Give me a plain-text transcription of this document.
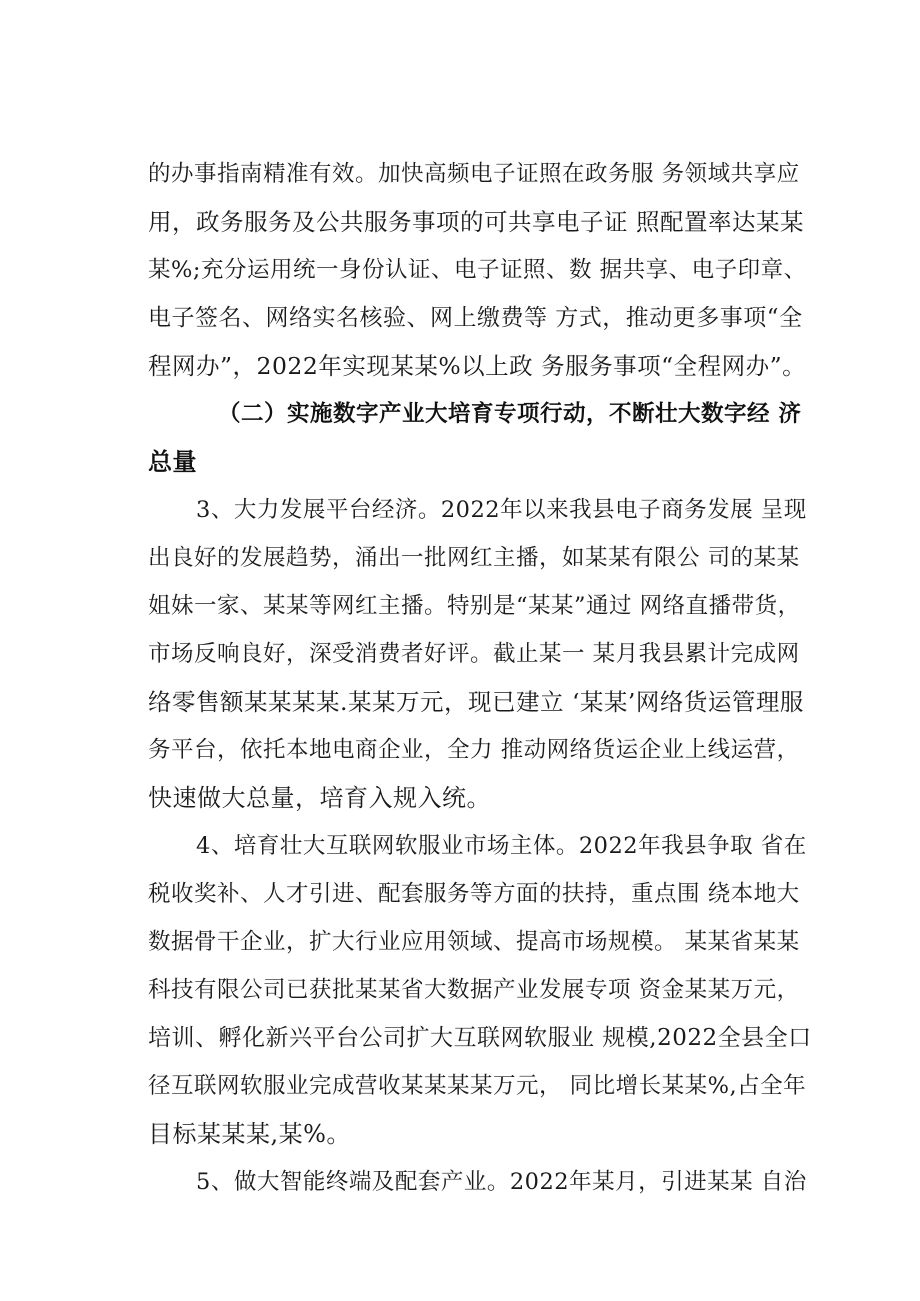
的办事指南精准有效。加快高频电子证照在政务服 务领域共享应
用，政务服务及公共服务事项的可共享电子证 照配置率达某某
某%;充分运用统一身份认证、电子证照、数 据共享、电子印章、
电子签名、网络实名核验、网上缴费等 方式，推动更多事项“全
程网办”，2022年实现某某%以上政 务服务事项“全程网办”。
（二）实施数字产业大培育专项行动，不断壮大数字经 济
总量
3、大力发展平台经济。2022年以来我县电子商务发展 呈现
出良好的发展趋势，涌出一批网红主播，如某某有限公 司的某某
姐妹一家、某某等网红主播。特别是“某某”通过 网络直播带货，
市场反响良好，深受消费者好评。截止某一 某月我县累计完成网
络零售额某某某某.某某万元，现已建立 ‘某某’网络货运管理服
务平台，依托本地电商企业，全力 推动网络货运企业上线运营，
快速做大总量，培育入规入统。
4、培育壮大互联网软服业市场主体。2022年我县争取 省在
税收奖补、人才引进、配套服务等方面的扶持，重点围 绕本地大
数据骨干企业，扩大行业应用领域、提高市场规模。 某某省某某
科技有限公司已获批某某省大数据产业发展专项 资金某某万元，
培训、孵化新兴平台公司扩大互联网软服业 规模,2022全县全口
径互联网软服业完成营收某某某某万元， 同比增长某某%,占全年
目标某某某,某%。
5、做大智能终端及配套产业。2022年某月，引进某某 自治
